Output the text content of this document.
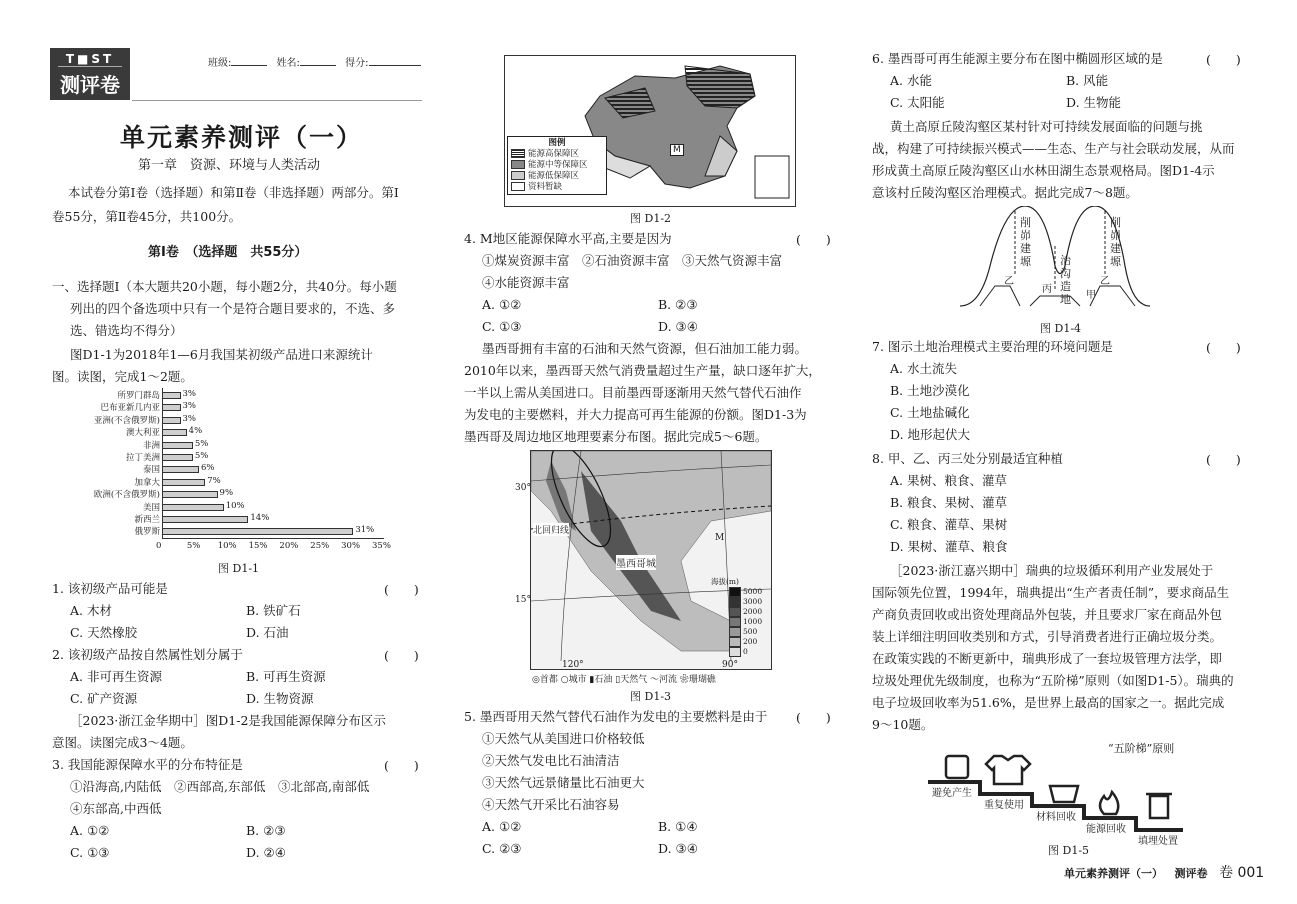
T■ST
测评卷
班级:	姓名:	得分:
单元素养测评（一）
第一章　资源、环境与人类活动
本试卷分第Ⅰ卷（选择题）和第Ⅱ卷（非选择题）两部分。第Ⅰ
卷55分，第Ⅱ卷45分，共100分。
第Ⅰ卷　（选择题　共55分）
一、选择题Ⅰ（本大题共20小题，每小题2分，共40分。每小题
列出的四个备选项中只有一个是符合题目要求的，不选、多
选、错选均不得分）
图D1-1为2018年1—6月我国某初级产品进口来源统计
图。读图，完成1～2题。
所罗门群岛	3%
巴布亚新几内亚	3%
亚洲(不含俄罗斯)	3%
澳大利亚	4%
非洲	5%
拉丁美洲	5%
泰国	6%
加拿大	7%
欧洲(不含俄罗斯)	9%
美国	10%
新西兰	14%
俄罗斯	31%
0	5% 10% 15% 20% 25% 30% 35%
图 D1-1
1. 该初级产品可能是	(　　)
A. 木材	B. 铁矿石
C. 天然橡胶	D. 石油
2. 该初级产品按自然属性划分属于	(　　)
A. 非可再生资源	B. 可再生资源
C. 矿产资源	D. 生物资源
［2023·浙江金华期中］图D1-2是我国能源保障分布区示
意图。读图完成3～4题。
3. 我国能源保障水平的分布特征是	(　　)
①沿海高,内陆低　②西部高,东部低　③北部高,南部低
④东部高,中西低
A. ①②	B. ②③
C. ①③	D. ②④
M
图例
能源高保障区
能源中等保障区
能源低保障区
资料暂缺
图 D1-2
4. M地区能源保障水平高,主要是因为	(　　)
①煤炭资源丰富　②石油资源丰富　③天然气资源丰富
④水能资源丰富
A. ①②	B. ②③
C. ①③	D. ③④
墨西哥拥有丰富的石油和天然气资源，但石油加工能力弱。
2010年以来，墨西哥天然气消费量超过生产量，缺口逐年扩大，
一半以上需从美国进口。目前墨西哥逐渐用天然气替代石油作
为发电的主要燃料，并大力提高可再生能源的份额。图D1-3为
墨西哥及周边地区地理要素分布图。据此完成5～6题。
30°
15°
北回归线
墨西哥城
M
海拔(m)
5000
3000
2000
1000
500
200
0
120°	90°
◎首都 ○城市 ▮石油 ▯天然气 〜河流 ❀珊瑚礁
图 D1-3
5. 墨西哥用天然气替代石油作为发电的主要燃料是由于 (　　)
①天然气从美国进口价格较低
②天然气发电比石油清洁
③天然气远景储量比石油更大
④天然气开采比石油容易
A. ①②	B. ①④
C. ②③	D. ③④
6. 墨西哥可再生能源主要分布在图中椭圆形区域的是	(　　)
A. 水能	B. 风能
C. 太阳能	D. 生物能
黄土高原丘陵沟壑区某村针对可持续发展面临的问题与挑
战，构建了可持续振兴模式——生态、生产与社会联动发展，从而
形成黄土高原丘陵沟壑区山水林田湖生态景观格局。图D1-4示
意该村丘陵沟壑区治理模式。据此完成7～8题。
削峁建塬	治沟造地
削峁建塬
甲
乙
丙
乙
图 D1-4
7. 图示土地治理模式主要治理的环境问题是	(　　)
A. 水土流失
B. 土地沙漠化
C. 土地盐碱化
D. 地形起伏大
8. 甲、乙、丙三处分别最适宜种植	(　　)
A. 果树、粮食、灌草
B. 粮食、果树、灌草
C. 粮食、灌草、果树
D. 果树、灌草、粮食
［2023·浙江嘉兴期中］瑞典的垃圾循环利用产业发展处于
国际领先位置，1994年，瑞典提出“生产者责任制”，要求商品生
产商负责回收或出资处理商品外包装，并且要求厂家在商品外包
装上详细注明回收类别和方式，引导消费者进行正确垃圾分类。
在政策实践的不断更新中，瑞典形成了一套垃圾管理方法学，即
垃圾处理优先级制度，也称为“五阶梯”原则（如图D1-5）。瑞典的
电子垃圾回收率为51.6%，是世界上最高的国家之一。据此完成
9～10题。
“五阶梯”原则
避免产生
重复使用
材料回收
能源回收
填埋处置
图 D1-5
单元素养测评（一） 测评卷 卷 001
